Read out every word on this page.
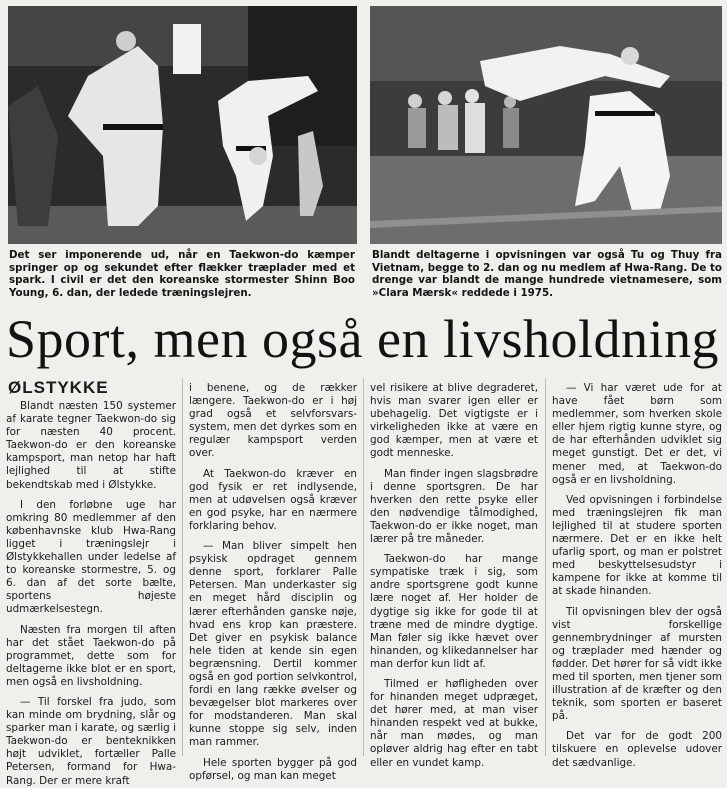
Det ser imponerende ud, når en Taekwon-do kæmper springer op og sekundet efter flækker træplader med et spark. I civil er det den koreanske stormester Shinn Boo Young, 6. dan, der ledede træningslejren.
Blandt deltagerne i opvisningen var også Tu og Thuy fra Vietnam, begge to 2. dan og nu medlem af Hwa-Rang. De to drenge var blandt de mange hundrede vietnamesere, som »Clara Mærsk« reddede i 1975.
Sport, men også en livsholdning
ØLSTYKKE

Blandt næsten 150 systemer af karate tegner Taekwon-do sig for næsten 40 procent. Taekwon-do er den koreanske kampsport, man netop har haft lejlighed til at stifte bekendtskab med i Ølstykke.

I den forløbne uge har omkring 80 medlemmer af den københavnske klub Hwa-Rang ligget i træningslejr i Ølstykkehallen under ledelse af to koreanske stormestre, 5. og 6. dan af det sorte bælte, sportens højeste udmærkelsestegn.

Næsten fra morgen til aften har det stået Taekwon-do på programmet, dette som for deltagerne ikke blot er en sport, men også en livsholdning.

— Til forskel fra judo, som kan minde om brydning, slår og sparker man i karate, og særlig i Taekwon-do er benteknikken højt udviklet, fortæller Palle Petersen, formand for Hwa-Rang. Der er mere kraft

i benene, og de rækker længere. Taekwon-do er i høj grad også et selvforsvars-system, men det dyrkes som en regulær kampsport verden over.

At Taekwon-do kræver en god fysik er ret indlysende, men at udøvelsen også kræver en god psyke, har en nærmere forklaring behov.

— Man bliver simpelt hen psykisk opdraget gennem denne sport, forklarer Palle Petersen. Man underkaster sig en meget hård disciplin og lærer efterhånden ganske nøje, hvad ens krop kan præstere. Det giver en psykisk balance hele tiden at kende sin egen begrænsning. Dertil kommer også en god portion selvkontrol, fordi en lang række øvelser og bevægelser blot markeres over for modstanderen. Man skal kunne stoppe sig selv, inden man rammer.

Hele sporten bygger på god opførsel, og man kan meget

vel risikere at blive degraderet, hvis man svarer igen eller er ubehagelig. Det vigtigste er i virkeligheden ikke at være en god kæmper, men at være et godt menneske.

Man finder ingen slagsbrødre i denne sportsgren. De har hverken den rette psyke eller den nødvendige tålmodighed, Taekwon-do er ikke noget, man lærer på tre måneder.

Taekwon-do har mange sympatiske træk i sig, som andre sportsgrene godt kunne lære noget af. Her holder de dygtige sig ikke for gode til at træne med de mindre dygtige. Man føler sig ikke hævet over hinanden, og klikedannelser har man derfor kun lidt af.

Tilmed er høfligheden over for hinanden meget udpræget, det hører med, at man viser hinanden respekt ved at bukke, når man mødes, og man opløver aldrig hag efter en tabt eller en vundet kamp.

— Vi har været ude for at have fået børn som medlemmer, som hverken skole eller hjem rigtig kunne styre, og de har efterhånden udviklet sig meget gunstigt. Det er det, vi mener med, at Taekwon-do også er en livsholdning.

Ved opvisningen i forbindelse med træningslejren fik man lejlighed til at studere sporten nærmere. Det er en ikke helt ufarlig sport, og man er polstret med beskyttelsesudstyr i kampene for ikke at komme til at skade hinanden.

Til opvisningen blev der også vist forskellige gennembrydninger af mursten og træplader med hænder og fødder. Det hører for så vidt ikke med til sporten, men tjener som illustration af de kræfter og den teknik, som sporten er baseret på.

Det var for de godt 200 tilskuere en oplevelse udover det sædvanlige.
